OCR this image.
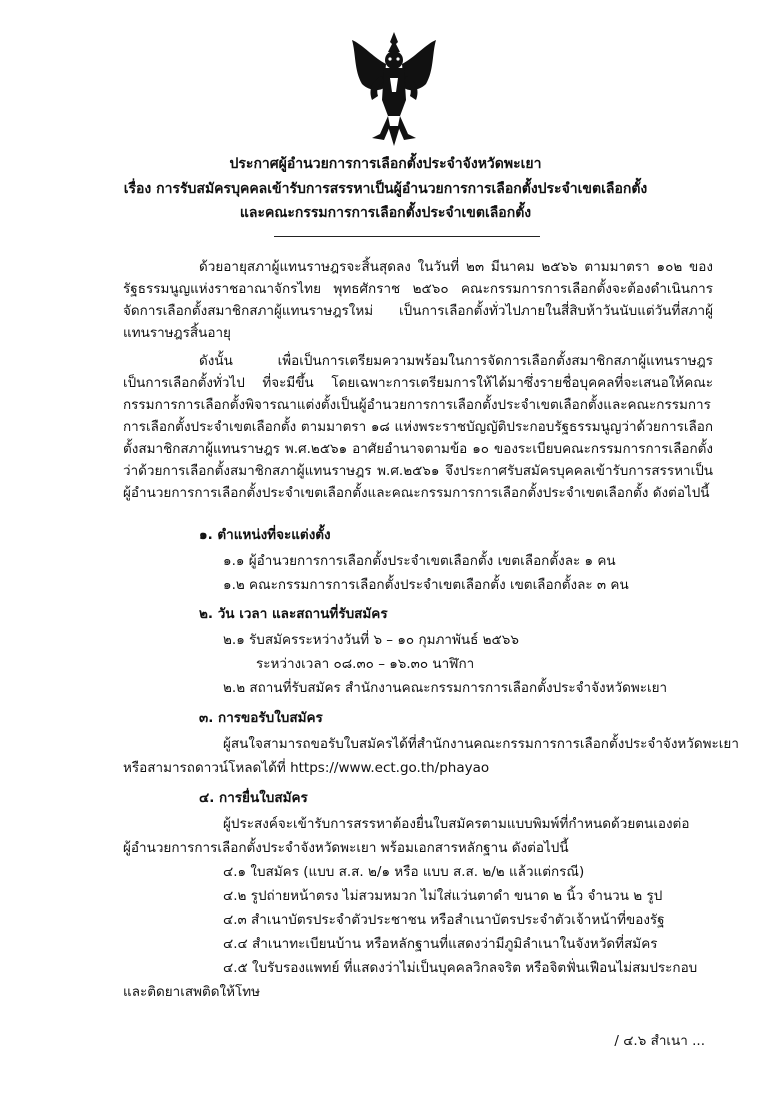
ประกาศผู้อำนวยการการเลือกตั้งประจำจังหวัดพะเยา
เรื่อง การรับสมัครบุคคลเข้ารับการสรรหาเป็นผู้อำนวยการการเลือกตั้งประจำเขตเลือกตั้ง
และคณะกรรมการการเลือกตั้งประจำเขตเลือกตั้ง
ด้วยอายุสภาผู้แทนราษฎรจะสิ้นสุดลง ในวันที่ ๒๓ มีนาคม ๒๕๖๖ ตามมาตรา ๑๐๒ ของรัฐธรรมนูญแห่งราชอาณาจักรไทย พุทธศักราช ๒๕๖๐ คณะกรรมการการเลือกตั้งจะต้องดำเนินการจัดการเลือกตั้งสมาชิกสภาผู้แทนราษฎรใหม่ เป็นการเลือกตั้งทั่วไปภายในสี่สิบห้าวันนับแต่วันที่สภาผู้แทนราษฎรสิ้นอายุ
ดังนั้น เพื่อเป็นการเตรียมความพร้อมในการจัดการเลือกตั้งสมาชิกสภาผู้แทนราษฎร เป็นการเลือกตั้งทั่วไป ที่จะมีขึ้น โดยเฉพาะการเตรียมการให้ได้มาซึ่งรายชื่อบุคคลที่จะเสนอให้คณะกรรมการการเลือกตั้งพิจารณาแต่งตั้งเป็นผู้อำนวยการการเลือกตั้งประจำเขตเลือกตั้งและคณะกรรมการการเลือกตั้งประจำเขตเลือกตั้ง ตามมาตรา ๑๘ แห่งพระราชบัญญัติประกอบรัฐธรรมนูญว่าด้วยการเลือกตั้งสมาชิกสภาผู้แทนราษฎร พ.ศ.๒๕๖๑ อาศัยอำนาจตามข้อ ๑๐ ของระเบียบคณะกรรมการการเลือกตั้งว่าด้วยการเลือกตั้งสมาชิกสภาผู้แทนราษฎร พ.ศ.๒๕๖๑ จึงประกาศรับสมัครบุคคลเข้ารับการสรรหาเป็นผู้อำนวยการการเลือกตั้งประจำเขตเลือกตั้งและคณะกรรมการการเลือกตั้งประจำเขตเลือกตั้ง ดังต่อไปนี้
๑. ตำแหน่งที่จะแต่งตั้ง
๑.๑ ผู้อำนวยการการเลือกตั้งประจำเขตเลือกตั้ง เขตเลือกตั้งละ ๑ คน
๑.๒ คณะกรรมการการเลือกตั้งประจำเขตเลือกตั้ง เขตเลือกตั้งละ ๓ คน
๒. วัน เวลา และสถานที่รับสมัคร
๒.๑ รับสมัครระหว่างวันที่ ๖ – ๑๐ กุมภาพันธ์ ๒๕๖๖
ระหว่างเวลา ๐๘.๓๐ – ๑๖.๓๐ นาฬิกา
๒.๒ สถานที่รับสมัคร สำนักงานคณะกรรมการการเลือกตั้งประจำจังหวัดพะเยา
๓. การขอรับใบสมัคร
ผู้สนใจสามารถขอรับใบสมัครได้ที่สำนักงานคณะกรรมการการเลือกตั้งประจำจังหวัดพะเยา
หรือสามารถดาวน์โหลดได้ที่ https://www.ect.go.th/phayao
๔. การยื่นใบสมัคร
ผู้ประสงค์จะเข้ารับการสรรหาต้องยื่นใบสมัครตามแบบพิมพ์ที่กำหนดด้วยตนเองต่อ
ผู้อำนวยการการเลือกตั้งประจำจังหวัดพะเยา พร้อมเอกสารหลักฐาน ดังต่อไปนี้
๔.๑ ใบสมัคร (แบบ ส.ส. ๒/๑ หรือ แบบ ส.ส. ๒/๒ แล้วแต่กรณี)
๔.๒ รูปถ่ายหน้าตรง ไม่สวมหมวก ไม่ใส่แว่นตาดำ ขนาด ๒ นิ้ว จำนวน ๒ รูป
๔.๓ สำเนาบัตรประจำตัวประชาชน หรือสำเนาบัตรประจำตัวเจ้าหน้าที่ของรัฐ
๔.๔ สำเนาทะเบียนบ้าน หรือหลักฐานที่แสดงว่ามีภูมิลำเนาในจังหวัดที่สมัคร
๔.๕ ใบรับรองแพทย์ ที่แสดงว่าไม่เป็นบุคคลวิกลจริต หรือจิตฟั่นเฟือนไม่สมประกอบ
และติดยาเสพติดให้โทษ
/ ๔.๖ สำเนา ...
